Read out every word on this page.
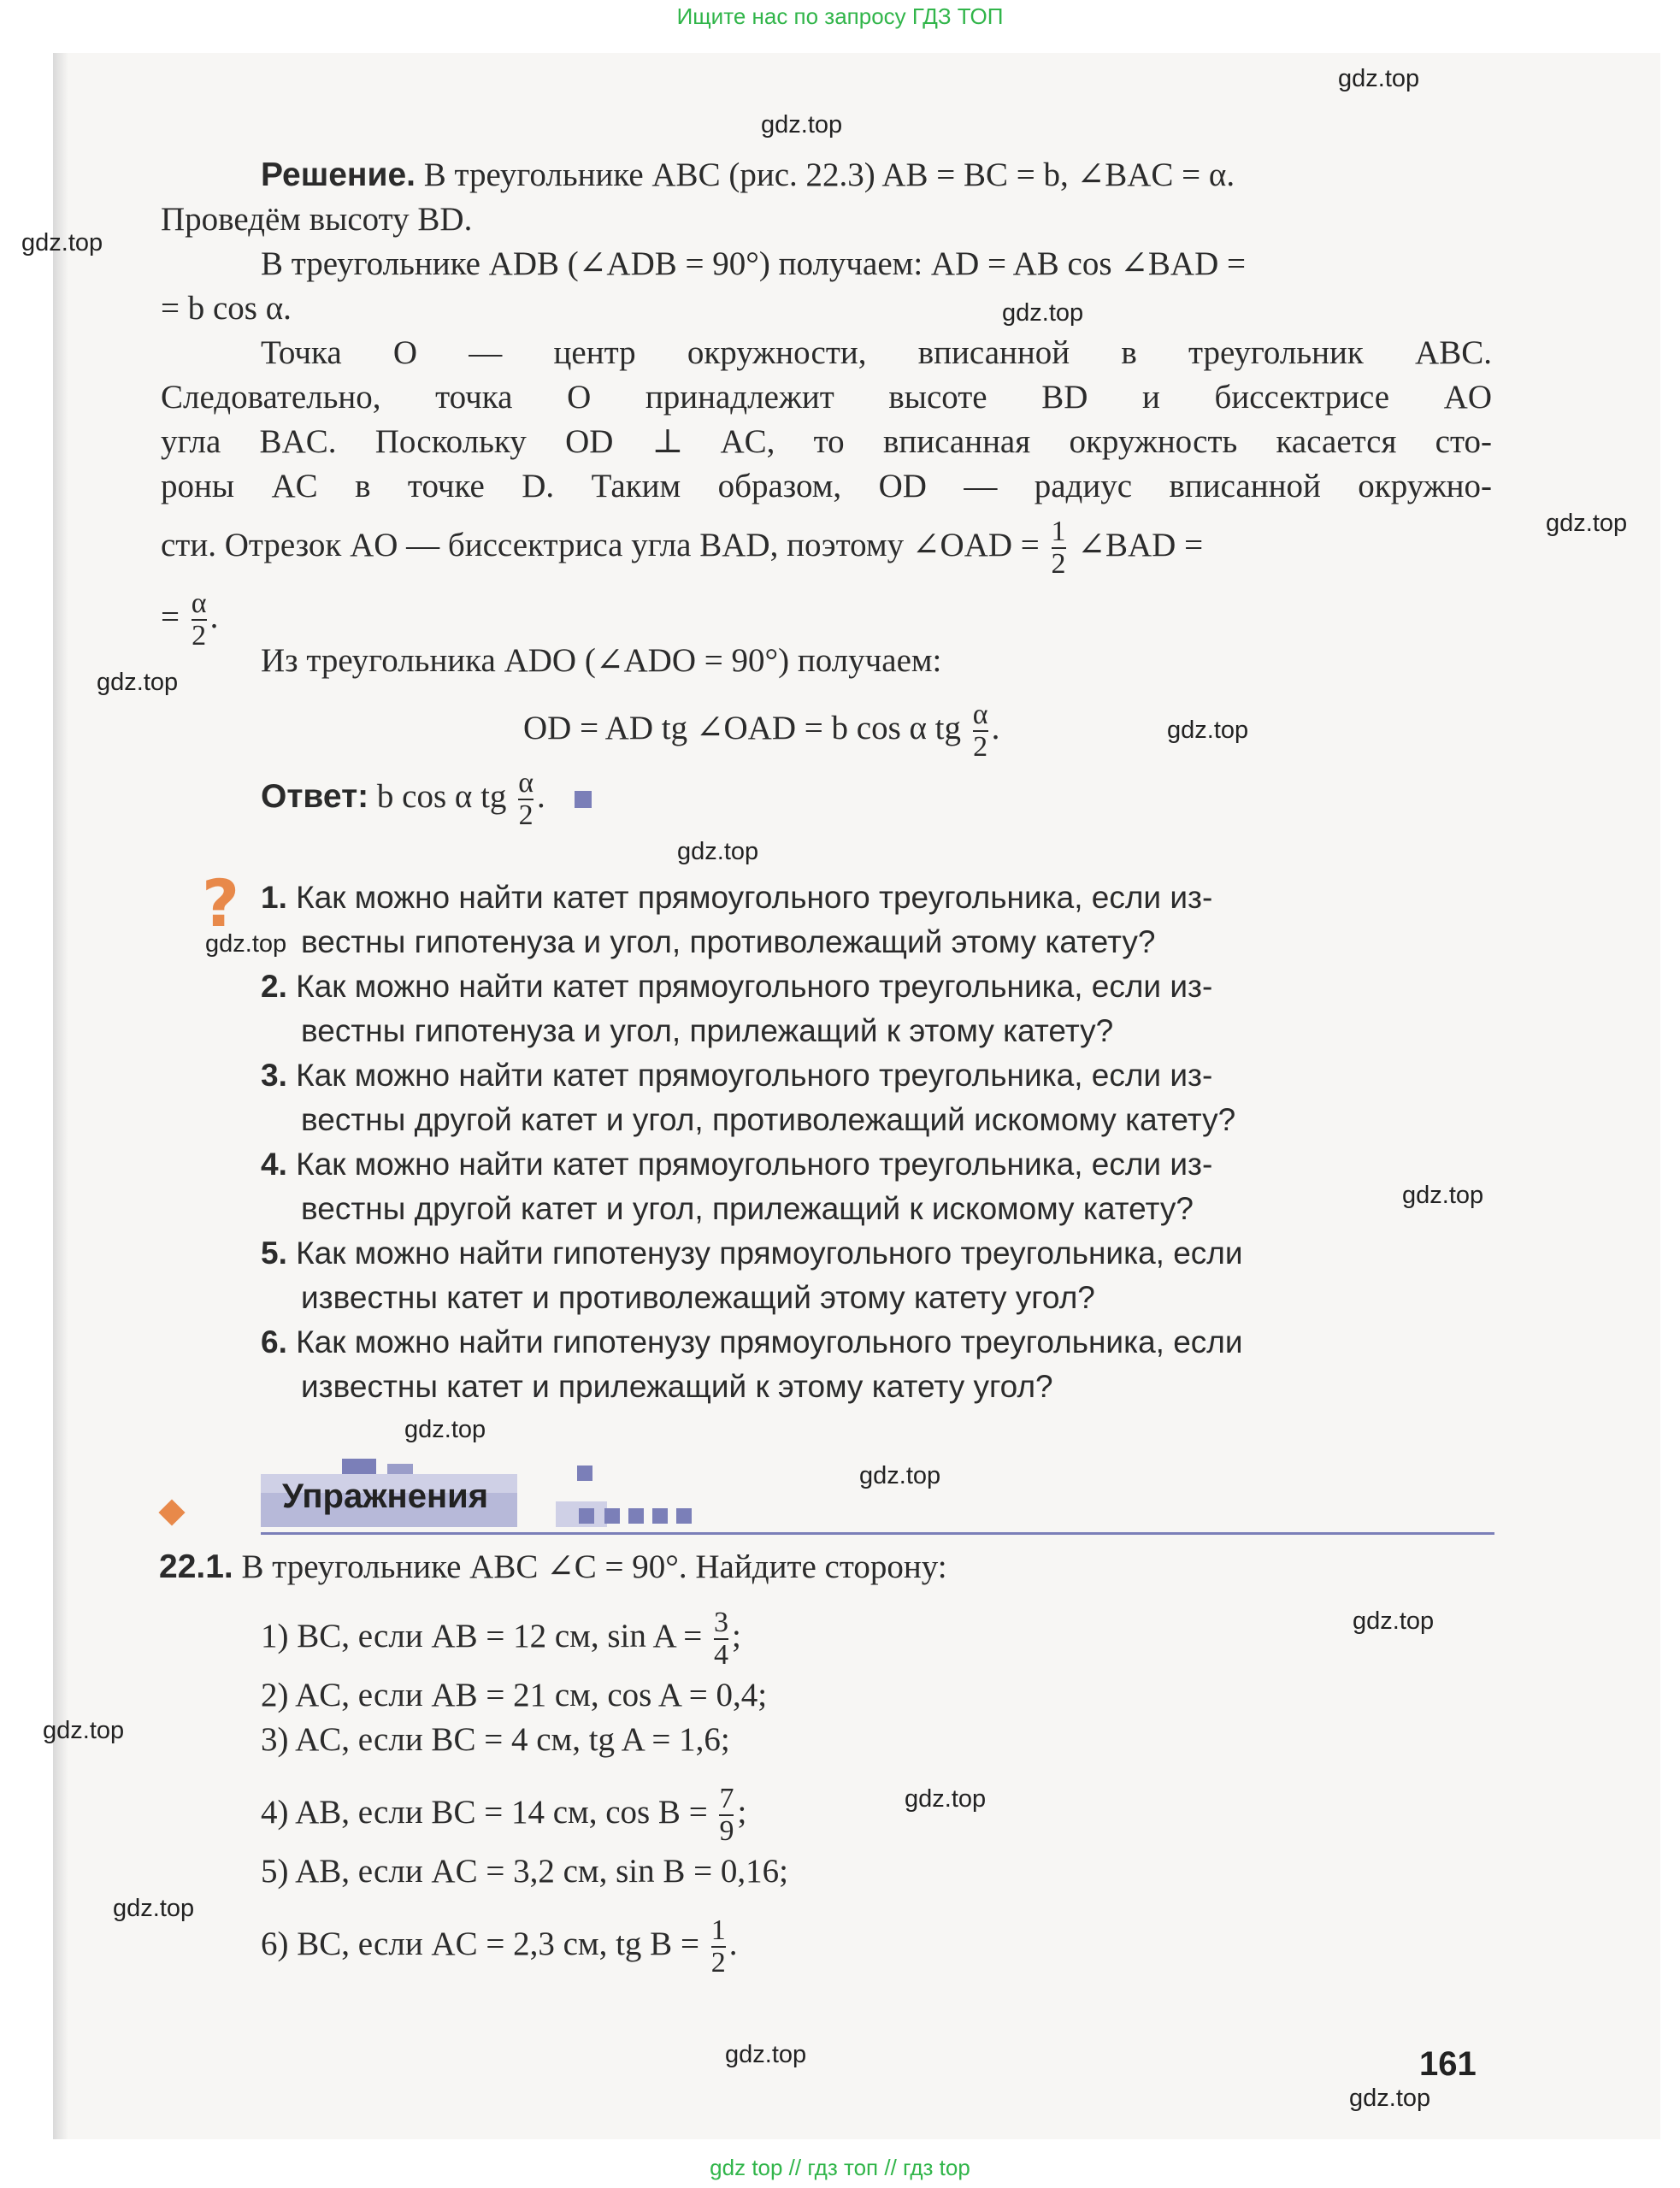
Ищите нас по запросу ГДЗ ТОП
gdz.top
gdz.top
gdz.top
gdz.top
gdz.top
gdz.top
gdz.top
gdz.top
gdz.top
gdz.top
gdz.top
gdz.top
gdz.top
gdz.top
gdz.top
gdz.top
gdz.top
gdz.top
Решение. В треугольнике ABC (рис. 22.3) AB = BC = b, ∠BAC = α.
Проведём высоту BD.
В треугольнике ADB (∠ADB = 90°) получаем: AD = AB cos ∠BAD =
= b cos α.
Точка O — центр окружности, вписанной в треугольник ABC.
Следовательно, точка O принадлежит высоте BD и биссектрисе AO
угла BAC. Поскольку OD ⊥ AC, то вписанная окружность касается сто-
роны AC в точке D. Таким образом, OD — радиус вписанной окружно-
сти. Отрезок AO — биссектриса угла BAD, поэтому ∠OAD = $\frac{1}{2}$ ∠BAD =
= $\frac{\alpha}{2}$ .
Из треугольника ADO (∠ADO = 90°) получаем:
OD = AD tg ∠OAD = b cos α tg $\frac{\alpha}{2}$ .
Ответ: b cos α tg $\frac{\alpha}{2}$ .
? 1. Как можно найти катет прямоугольного треугольника, если из-
вестны гипотенуза и угол, противолежащий этому катету?
2. Как можно найти катет прямоугольного треугольника, если из-
вестны гипотенуза и угол, прилежащий к этому катету?
3. Как можно найти катет прямоугольного треугольника, если из-
вестны другой катет и угол, противолежащий искомому катету?
4. Как можно найти катет прямоугольного треугольника, если из-
вестны другой катет и угол, прилежащий к искомому катету?
5. Как можно найти гипотенузу прямоугольного треугольника, если
известны катет и противолежащий этому катету угол?
6. Как можно найти гипотенузу прямоугольного треугольника, если
известны катет и прилежащий к этому катету угол?
Упражнения
22.1. В треугольнике ABC ∠C = 90°. Найдите сторону:
1) BC, если AB = 12 см, $\sin A = \frac{3}{4}$ ;
2) AC, если AB = 21 см, cos A = 0,4;
3) AC, если BC = 4 см, tg A = 1,6;
4) AB, если BC = 14 см, $\cos B = \frac{7}{9}$ ;
5) AB, если AC = 3,2 см, sin B = 0,16;
6) BC, если AC = 2,3 см, tg $B = \frac{1}{2}$ .
161
gdz top // гдз топ // гдз top
